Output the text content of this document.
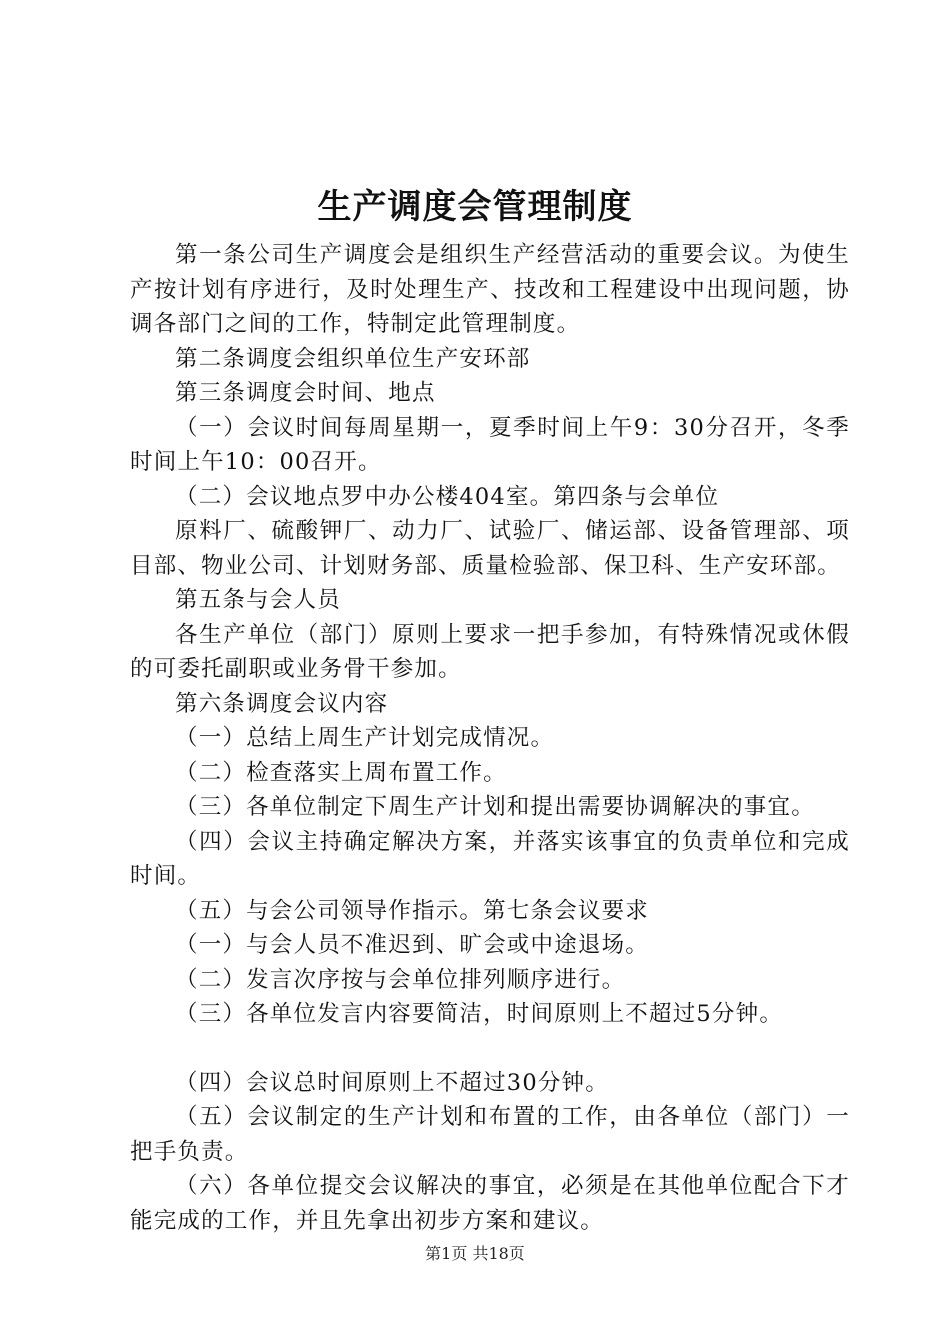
生产调度会管理制度

第一条公司生产调度会是组织生产经营活动的重要会议。为使生产按计划有序进行，及时处理生产、技改和工程建设中出现问题，协调各部门之间的工作，特制定此管理制度。

第二条调度会组织单位生产安环部

第三条调度会时间、地点

（一）会议时间每周星期一，夏季时间上午9：30分召开，冬季时间上午10：00召开。

（二）会议地点罗中办公楼404室。第四条与会单位

原料厂、硫酸钾厂、动力厂、试验厂、储运部、设备管理部、项目部、物业公司、计划财务部、质量检验部、保卫科、生产安环部。

第五条与会人员

各生产单位（部门）原则上要求一把手参加，有特殊情况或休假的可委托副职或业务骨干参加。

第六条调度会议内容

（一）总结上周生产计划完成情况。

（二）检查落实上周布置工作。

（三）各单位制定下周生产计划和提出需要协调解决的事宜。

（四）会议主持确定解决方案，并落实该事宜的负责单位和完成时间。

（五）与会公司领导作指示。第七条会议要求

（一）与会人员不准迟到、旷会或中途退场。

（二）发言次序按与会单位排列顺序进行。

（三）各单位发言内容要简洁，时间原则上不超过5分钟。

（四）会议总时间原则上不超过30分钟。

（五）会议制定的生产计划和布置的工作，由各单位（部门）一把手负责。

（六）各单位提交会议解决的事宜，必须是在其他单位配合下才能完成的工作，并且先拿出初步方案和建议。

第1页 共18页
